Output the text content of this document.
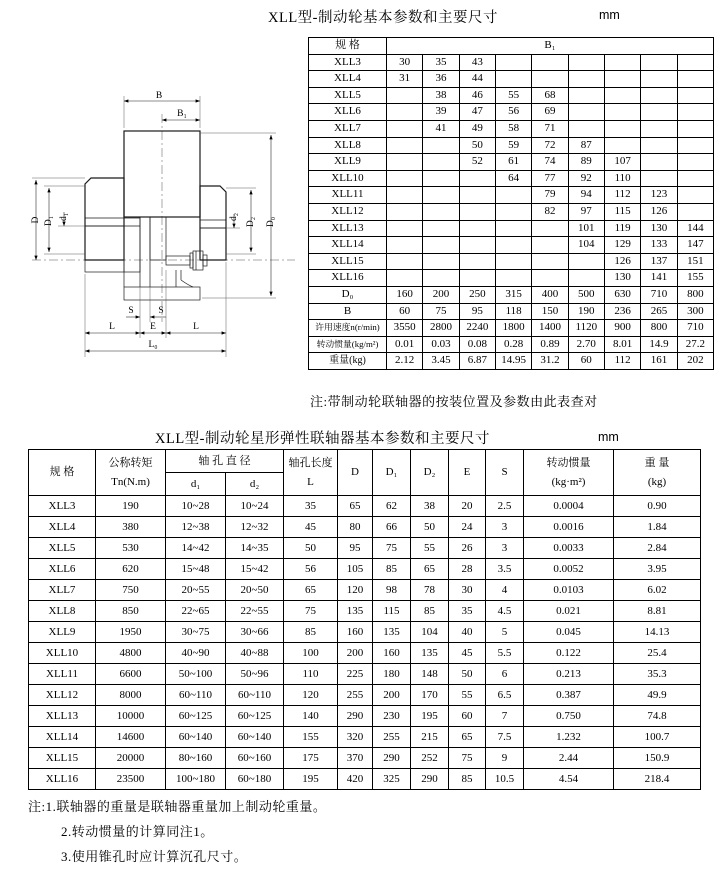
XLL型-制动轮基本参数和主要尺寸	mm
B
B₁
D D₁ d₁	d₂ D₂ D₀
S	S
L	E	L
L₀
规 格	B₁								
XLL3	30	35	43						
XLL4	31	36	44						
XLL5		38	46	55	68				
XLL6		39	47	56	69				
XLL7		41	49	58	71				
XLL8			50	59	72	87			
XLL9			52	61	74	89	107		
XLL10				64	77	92	110		
XLL11					79	94	112	123	
XLL12					82	97	115	126	
XLL13						101	119	130	144
XLL14						104	129	133	147
XLL15							126	137	151
XLL16							130	141	155
D₀	160	200	250	315	400	500	630	710	800
B	60	75	95	118	150	190	236	265	300
许用速度n(r/min)	3550	2800	2240	1800	1400	1120	900	800	710
转动惯量(kg/m²)	0.01	0.03	0.08	0.28	0.89	2.70	8.01	14.9	27.2
重量(kg)	2.12	3.45	6.87	14.95	31.2	60	112	161	202
注:带制动轮联轴器的按装位置及参数由此表查对
XLL型-制动轮星形弹性联轴器基本参数和主要尺寸	mm
规 格	
公称转矩
Tn(N.m)
	轴 孔 直 径	轴孔长度
L
	D	D₁	D₂	E	S	
转动惯量
(kg·m²)

重 量
(kg)

		d₁	d₂								
XLL3	190	10~28	10~24	35	65	62	38	20	2.5	0.0004	0.90
XLL4	380	12~38	12~32	45	80	66	50	24	3	0.0016	1.84
XLL5	530	14~42	14~35	50	95	75	55	26	3	0.0033	2.84
XLL6	620	15~48	15~42	56	105	85	65	28	3.5	0.0052	3.95
XLL7	750	20~55	20~50	65	120	98	78	30	4	0.0103	6.02
XLL8	850	22~65	22~55	75	135	115	85	35	4.5	0.021	8.81
XLL9	1950	30~75	30~66	85	160	135	104	40	5	0.045	14.13
XLL10	4800	40~90	40~88	100	200	160	135	45	5.5	0.122	25.4
XLL11	6600	50~100	50~96	110	225	180	148	50	6	0.213	35.3
XLL12	8000	60~110	60~110	120	255	200	170	55	6.5	0.387	49.9
XLL13	10000	60~125	60~125	140	290	230	195	60	7	0.750	74.8
XLL14	14600	60~140	60~140	155	320	255	215	65	7.5	1.232	100.7
XLL15	20000	80~160	60~160	175	370	290	252	75	9	2.44	150.9
XLL16	23500	100~180	60~180	195	420	325	290	85	10.5	4.54	218.4
注:1.联轴器的重量是联轴器重量加上制动轮重量。
2.转动惯量的计算同注1。
3.使用锥孔时应计算沉孔尺寸。
